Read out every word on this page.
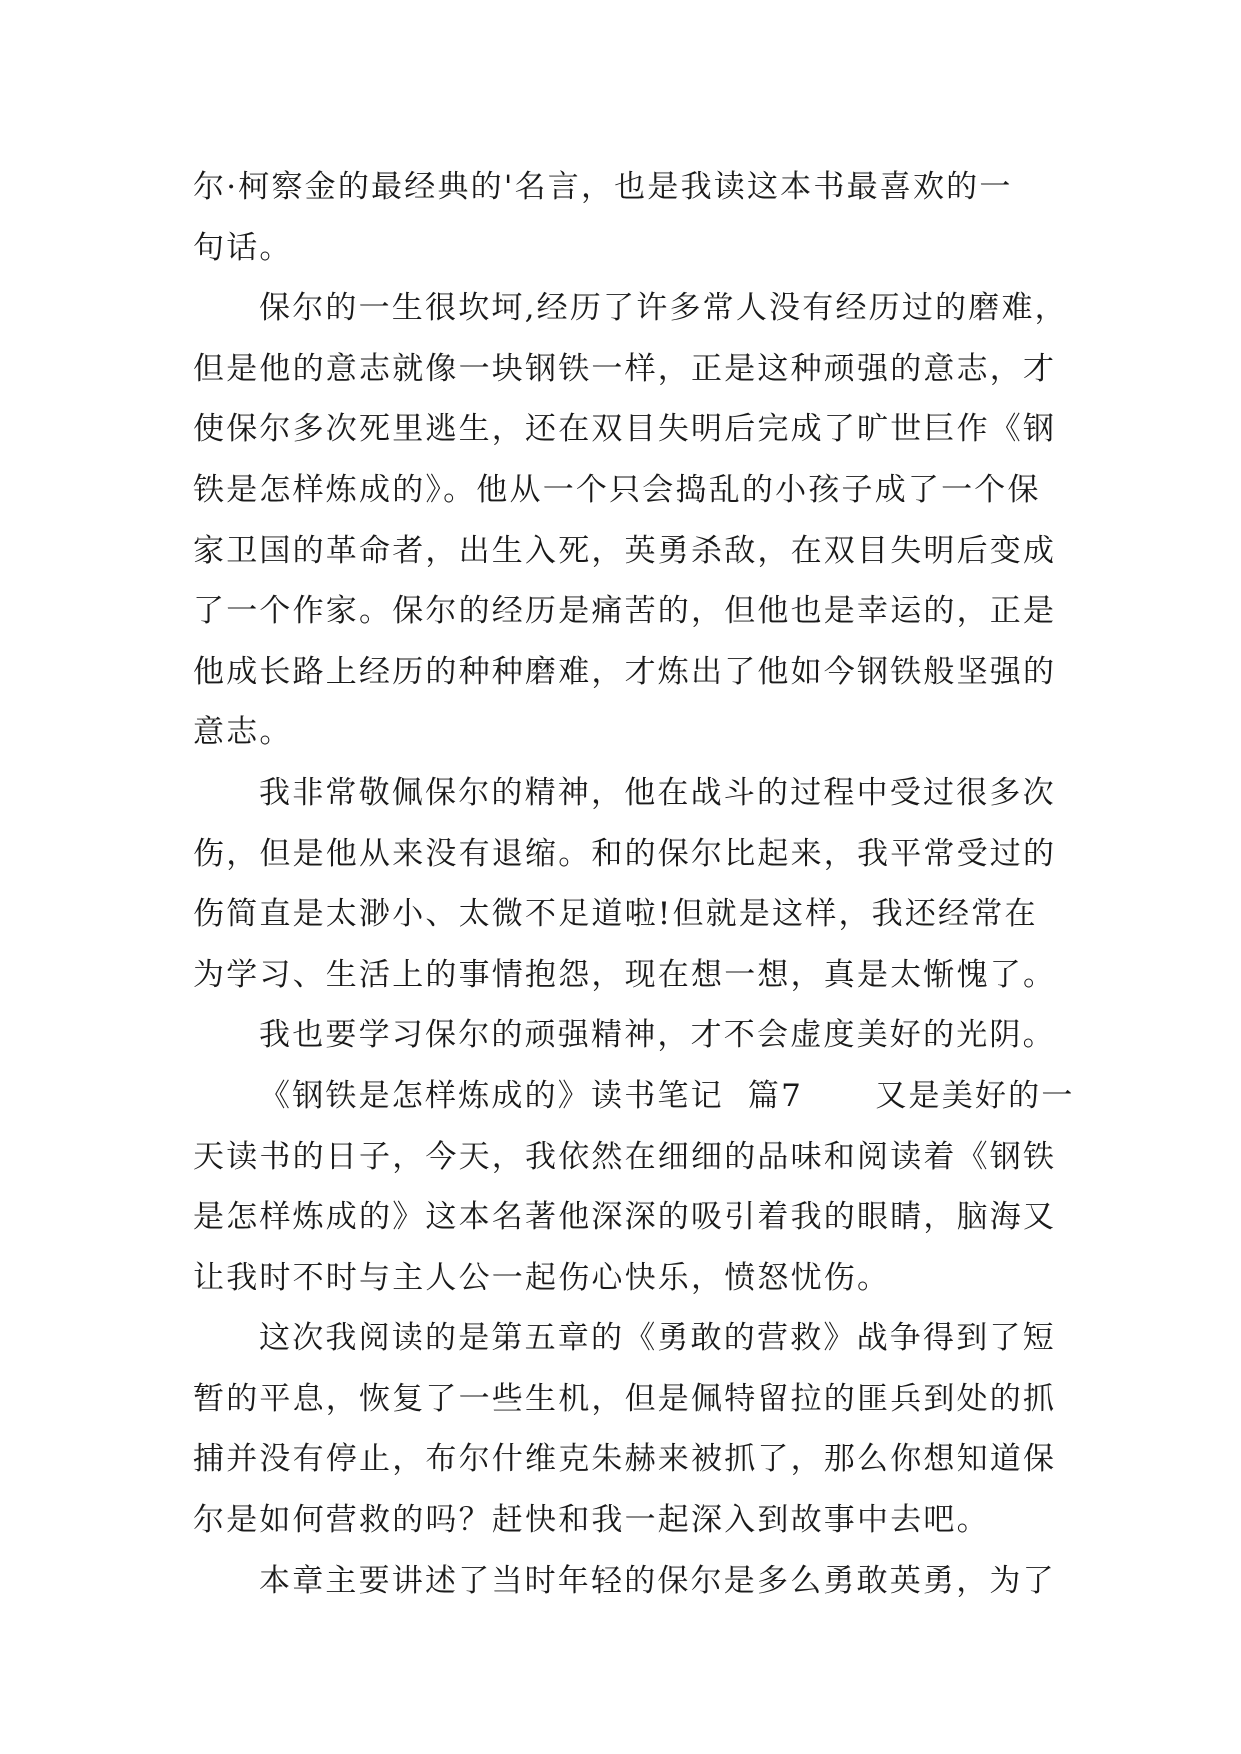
尔·柯察金的最经典的'名言，也是我读这本书最喜欢的一
句话。
保尔的一生很坎坷,经历了许多常人没有经历过的磨难，
但是他的意志就像一块钢铁一样，正是这种顽强的意志，才
使保尔多次死里逃生，还在双目失明后完成了旷世巨作《钢
铁是怎样炼成的》。他从一个只会捣乱的小孩子成了一个保
家卫国的革命者，出生入死，英勇杀敌，在双目失明后变成
了一个作家。保尔的经历是痛苦的，但他也是幸运的，正是
他成长路上经历的种种磨难，才炼出了他如今钢铁般坚强的
意志。
我非常敬佩保尔的精神，他在战斗的过程中受过很多次
伤，但是他从来没有退缩。和的保尔比起来，我平常受过的
伤简直是太渺小、太微不足道啦!但就是这样，我还经常在
为学习、生活上的事情抱怨，现在想一想，真是太惭愧了。
我也要学习保尔的顽强精神，才不会虚度美好的光阴。
《钢铁是怎样炼成的》读书笔记  篇7      又是美好的一
天读书的日子，今天，我依然在细细的品味和阅读着《钢铁
是怎样炼成的》这本名著他深深的吸引着我的眼睛，脑海又
让我时不时与主人公一起伤心快乐，愤怒忧伤。
这次我阅读的是第五章的《勇敢的营救》战争得到了短
暂的平息，恢复了一些生机，但是佩特留拉的匪兵到处的抓
捕并没有停止，布尔什维克朱赫来被抓了，那么你想知道保
尔是如何营救的吗？赶快和我一起深入到故事中去吧。
本章主要讲述了当时年轻的保尔是多么勇敢英勇，为了
